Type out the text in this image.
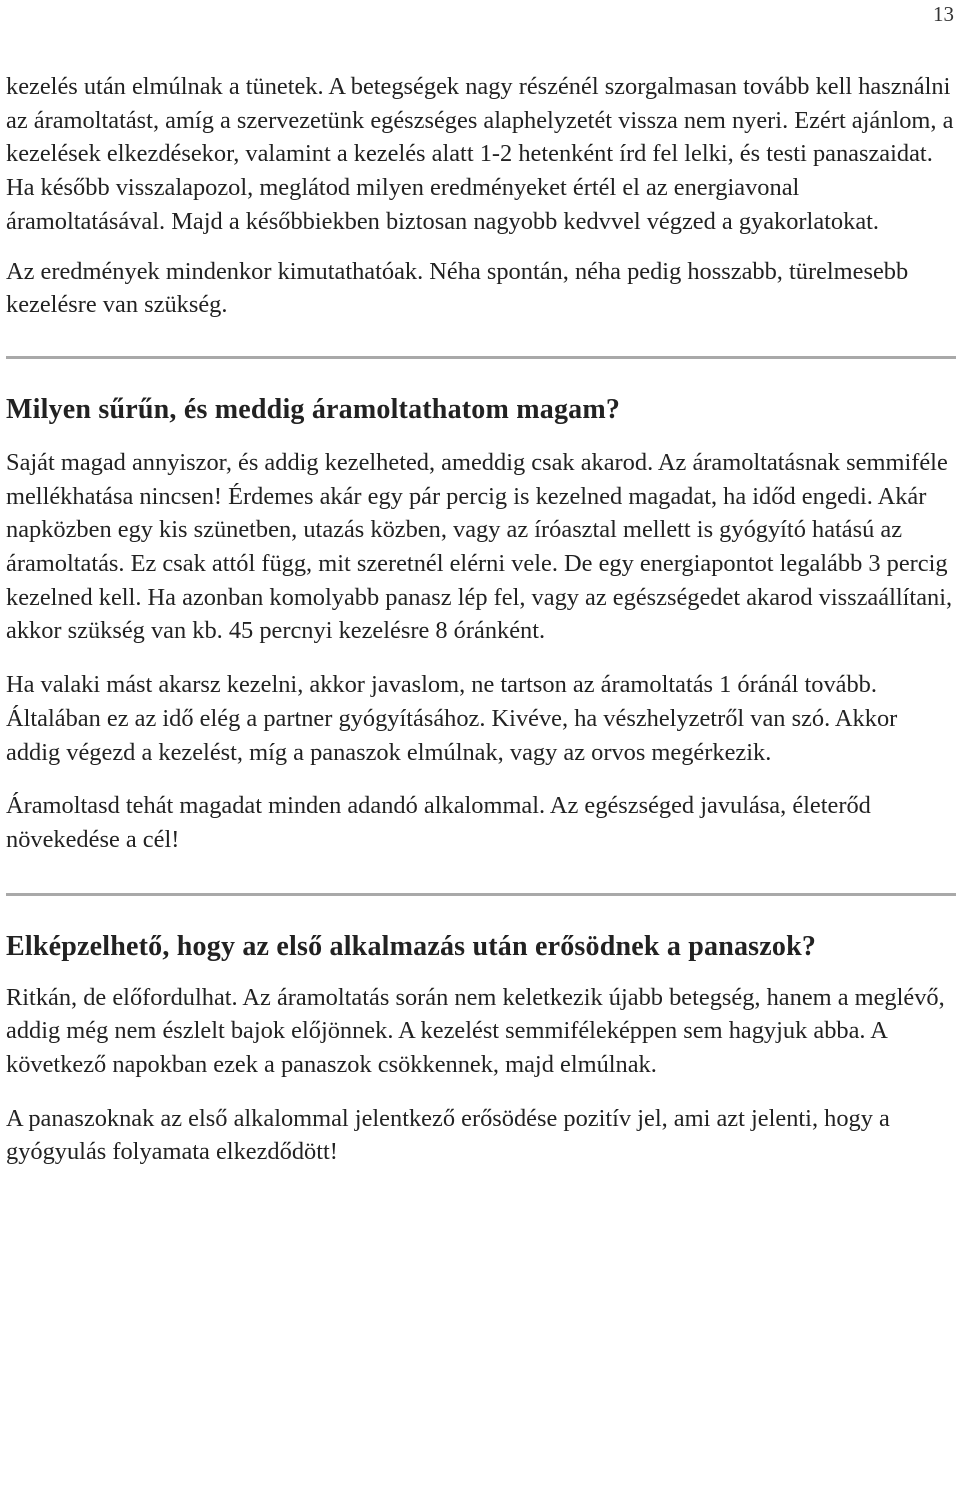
13

kezelés után elmúlnak a tünetek. A betegségek nagy részénél szorgalmasan tovább kell használni az áramoltatást, amíg a szervezetünk egészséges alaphelyzetét vissza nem nyeri. Ezért ajánlom, a kezelések elkezdésekor, valamint a kezelés alatt 1-2 hetenként írd fel lelki, és testi panaszaidat. Ha később visszalapozol, meglátod milyen eredményeket értél el az energiavonal áramoltatásával. Majd a későbbiekben biztosan nagyobb kedvvel végzed a gyakorlatokat.

Az eredmények mindenkor kimutathatóak. Néha spontán, néha pedig hosszabb, türelmesebb kezelésre van szükség.

Milyen sűrűn, és meddig áramoltathatom magam?

Saját magad annyiszor, és addig kezelheted, ameddig csak akarod. Az áramoltatásnak semmiféle mellékhatása nincsen! Érdemes akár egy pár percig is kezelned magadat, ha időd engedi. Akár napközben egy kis szünetben, utazás közben, vagy az íróasztal mellett is gyógyító hatású az áramoltatás. Ez csak attól függ, mit szeretnél elérni vele. De egy energiapontot legalább 3 percig kezelned kell. Ha azonban komolyabb panasz lép fel, vagy az egészségedet akarod visszaállítani, akkor szükség van kb. 45 percnyi kezelésre 8 óránként.

Ha valaki mást akarsz kezelni, akkor javaslom, ne tartson az áramoltatás 1 óránál tovább. Általában ez az idő elég a partner gyógyításához. Kivéve, ha vészhelyzetről van szó. Akkor addig végezd a kezelést, míg a panaszok elmúlnak, vagy az orvos megérkezik.

Áramoltasd tehát magadat minden adandó alkalommal. Az egészséged javulása, életerőd növekedése a cél!

Elképzelhető, hogy az első alkalmazás után erősödnek a panaszok?

Ritkán, de előfordulhat. Az áramoltatás során nem keletkezik újabb betegség, hanem a meglévő, addig még nem észlelt bajok előjönnek. A kezelést semmiféleképpen sem hagyjuk abba. A következő napokban ezek a panaszok csökkennek, majd elmúlnak.

A panaszoknak az első alkalommal jelentkező erősödése pozitív jel, ami azt jelenti, hogy a gyógyulás folyamata elkezdődött!
